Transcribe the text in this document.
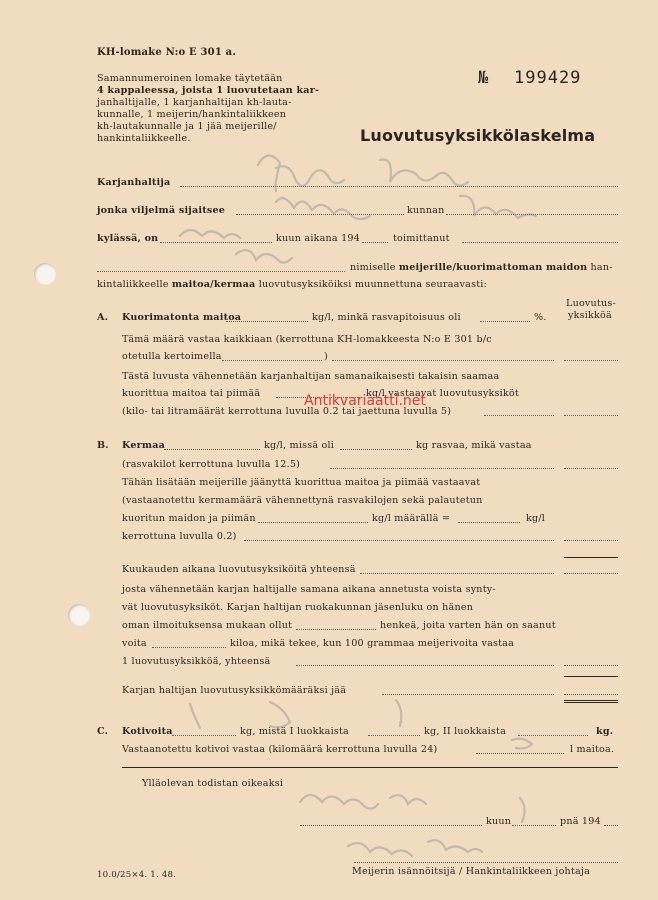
KH-lomake N:o E 301 a.
Samannumeroinen lomake täytetään
4 kappaleessa, joista 1 luovutetaan kar-
janhaltijalle, 1 karjanhaltijan kh-lauta-
kunnalle, 1 meijerin/hankintaliikkeen
kh-lautakunnalle ja 1 jää meijerille/
hankintaliikkeelle.
№ 199429
Luovutusyksikkölaskelma
Karjanhaltija
jonka viljelmä sijaitsee	kunnan
kylässä, on	kuun aikana 194	toimittanut
nimiselle meijerille/kuorimattoman maidon han-
kintaliikkeelle maitoa/kermaa luovutusyksiköiksi muunnettuna seuraavasti:
Luovutus-
yksikköä
A. Kuorimatonta maitoa	kg/l, minkä rasvapitoisuus oli	%.
Tämä määrä vastaa kaikkiaan (kerrottuna KH-lomakkeesta N:o E 301 b/c
otetulla kertoimella	)
Tästä luvusta vähennetään karjanhaltijan samanaikaisesti takaisin saamaa
kuorittua maitoa tai piimää	kg/l vastaavat luovutusyksiköt
(kilo- tai litramäärät kerrottuna luvulla 0.2 tai jaettuna luvulla 5)
B. Kermaa	kg/l, missä oli	kg rasvaa, mikä vastaa
(rasvakilot kerrottuna luvulla 12.5)
Tähän lisätään meijerille jäänyttä kuorittua maitoa ja piimää vastaavat
(vastaanotettu kermamäärä vähennettynä rasvakilojen sekä palautetun
kuoritun maidon ja piimän	kg/l määrällä =	kg/l
kerrottuna luvulla 0.2)
Kuukauden aikana luovutusyksiköitä yhteensä
josta vähennetään karjan haltijalle samana aikana annetusta voista synty-
vät luovutusyksiköt. Karjan haltijan ruokakunnan jäsenluku on hänen
oman ilmoituksensa mukaan ollut	henkeä, joita varten hän on saanut
voita	kiloa, mikä tekee, kun 100 grammaa meijerivoita vastaa
1 luovutusyksikköä, yhteensä
Karjan haltijan luovutusyksikkömääräksi jää
C. Kotivoita	kg, mistä I luokkaista	kg, II luokkaista	kg.
Vastaanotettu kotivoi vastaa (kilomäärä kerrottuna luvulla 24)	l maitoa.
Ylläolevan todistan oikeaksi
kuun	pnä 194
10.0/25×4. 1. 48.	Meijerin isännöitsijä / Hankintaliikkeen johtaja
Antikvariaatti.net
